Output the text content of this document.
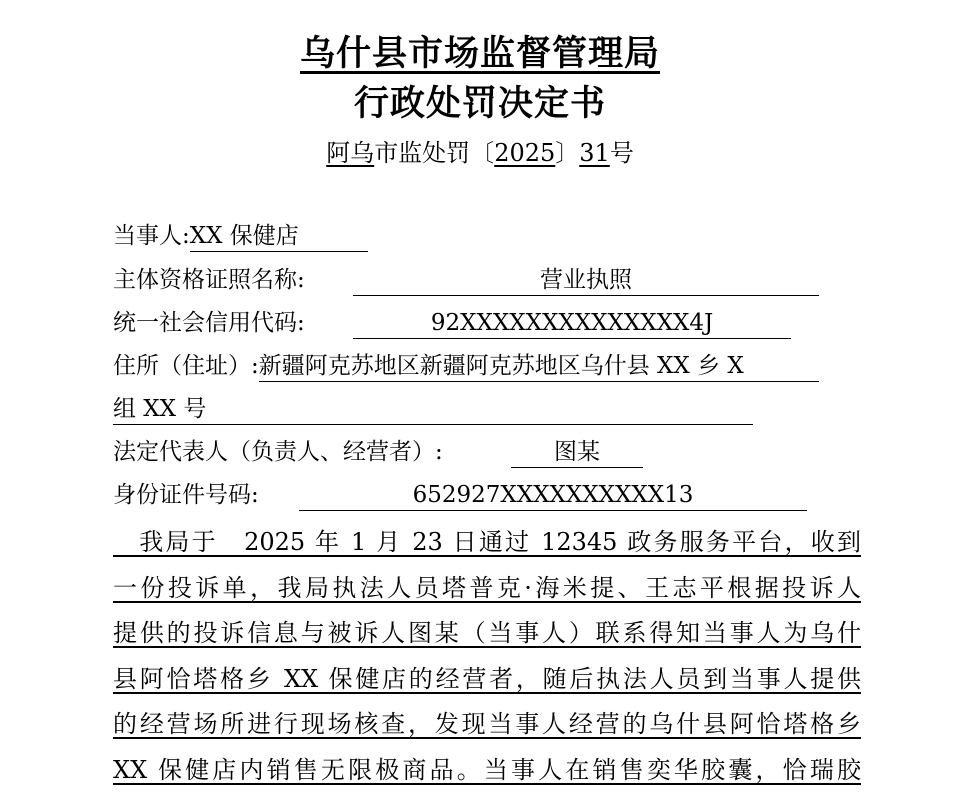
乌什县市场监督管理局
行政处罚决定书
阿乌市监处罚〔2025〕31号
当事人:XX 保健店
主体资格证照名称:	营业执照
统一社会信用代码:	92XXXXXXXXXXXXXX4J
住所（住址）:新疆阿克苏地区新疆阿克苏地区乌什县 XX 乡 X
组 XX 号
法定代表人（负责人、经营者）:	图某
身份证件号码:	652927XXXXXXXXXX13
　我局于　2025 年 1 月 23 日通过 12345 政务服务平台，收到
一份投诉单，我局执法人员塔普克·海米提、王志平根据投诉人
提供的投诉信息与被诉人图某（当事人）联系得知当事人为乌什
县阿恰塔格乡 XX 保健店的经营者，随后执法人员到当事人提供
的经营场所进行现场核查，发现当事人经营的乌什县阿恰塔格乡
XX 保健店内销售无限极商品。当事人在销售奕华胶囊，恰瑞胶
